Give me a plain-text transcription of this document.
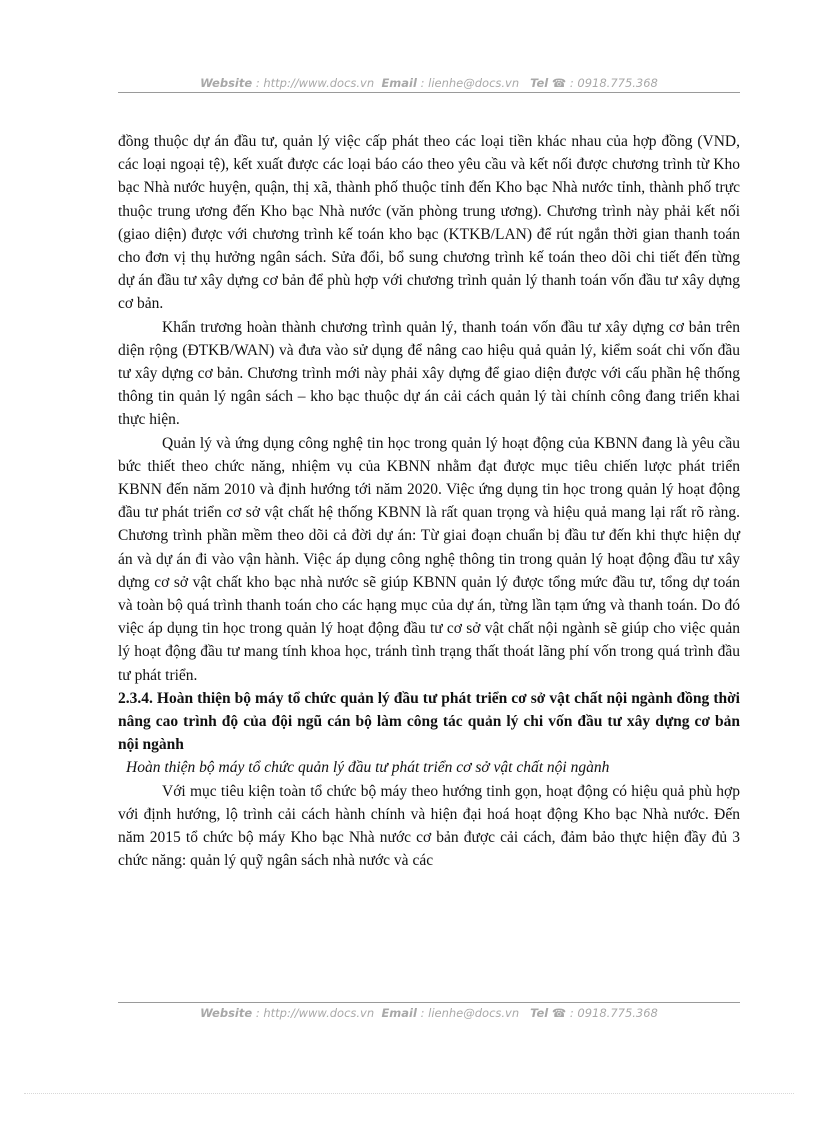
Website : http://www.docs.vn Email : lienhe@docs.vn Tel ☎ : 0918.775.368

đồng thuộc dự án đầu tư, quản lý việc cấp phát theo các loại tiền khác nhau của hợp đồng (VND, các loại ngoại tệ), kết xuất được các loại báo cáo theo yêu cầu và kết nối được chương trình từ Kho bạc Nhà nước huyện, quận, thị xã, thành phố thuộc tỉnh đến Kho bạc Nhà nước tỉnh, thành phố trực thuộc trung ương đến Kho bạc Nhà nước (văn phòng trung ương). Chương trình này phải kết nối (giao diện) được với chương trình kế toán kho bạc (KTKB/LAN) để rút ngắn thời gian thanh toán cho đơn vị thụ hưởng ngân sách. Sửa đổi, bổ sung chương trình kế toán theo dõi chi tiết đến từng dự án đầu tư xây dựng cơ bản để phù hợp với chương trình quản lý thanh toán vốn đầu tư xây dựng cơ bản.

Khẩn trương hoàn thành chương trình quản lý, thanh toán vốn đầu tư xây dựng cơ bản trên diện rộng (ĐTKB/WAN) và đưa vào sử dụng để nâng cao hiệu quả quản lý, kiểm soát chi vốn đầu tư xây dựng cơ bản. Chương trình mới này phải xây dựng để giao diện được với cấu phần hệ thống thông tin quản lý ngân sách – kho bạc thuộc dự án cải cách quản lý tài chính công đang triển khai thực hiện.

Quản lý và ứng dụng công nghệ tin học trong quản lý hoạt động của KBNN đang là yêu cầu bức thiết theo chức năng, nhiệm vụ của KBNN nhằm đạt được mục tiêu chiến lược phát triển KBNN đến năm 2010 và định hướng tới năm 2020. Việc ứng dụng tin học trong quản lý hoạt động đầu tư phát triển cơ sở vật chất hệ thống KBNN là rất quan trọng và hiệu quả mang lại rất rõ ràng. Chương trình phần mềm theo dõi cả đời dự án: Từ giai đoạn chuẩn bị đầu tư đến khi thực hiện dự án và dự án đi vào vận hành. Việc áp dụng công nghệ thông tin trong quản lý hoạt động đầu tư xây dựng cơ sở vật chất kho bạc nhà nước sẽ giúp KBNN quản lý được tổng mức đầu tư, tổng dự toán và toàn bộ quá trình thanh toán cho các hạng mục của dự án, từng lần tạm ứng và thanh toán. Do đó việc áp dụng tin học trong quản lý hoạt động đầu tư cơ sở vật chất nội ngành sẽ giúp cho việc quản lý hoạt động đầu tư mang tính khoa học, tránh tình trạng thất thoát lãng phí vốn trong quá trình đầu tư phát triển.

2.3.4. Hoàn thiện bộ máy tổ chức quản lý đầu tư phát triển cơ sở vật chất nội ngành đồng thời nâng cao trình độ của đội ngũ cán bộ làm công tác quản lý chi vốn đầu tư xây dựng cơ bản nội ngành

Hoàn thiện bộ máy tổ chức quản lý đầu tư phát triển cơ sở vật chất nội ngành

Với mục tiêu kiện toàn tổ chức bộ máy theo hướng tinh gọn, hoạt động có hiệu quả phù hợp với định hướng, lộ trình cải cách hành chính và hiện đại hoá hoạt động Kho bạc Nhà nước. Đến năm 2015 tổ chức bộ máy Kho bạc Nhà nước cơ bản được cải cách, đảm bảo thực hiện đầy đủ 3 chức năng: quản lý quỹ ngân sách nhà nước và các

Website : http://www.docs.vn Email : lienhe@docs.vn Tel ☎ : 0918.775.368
